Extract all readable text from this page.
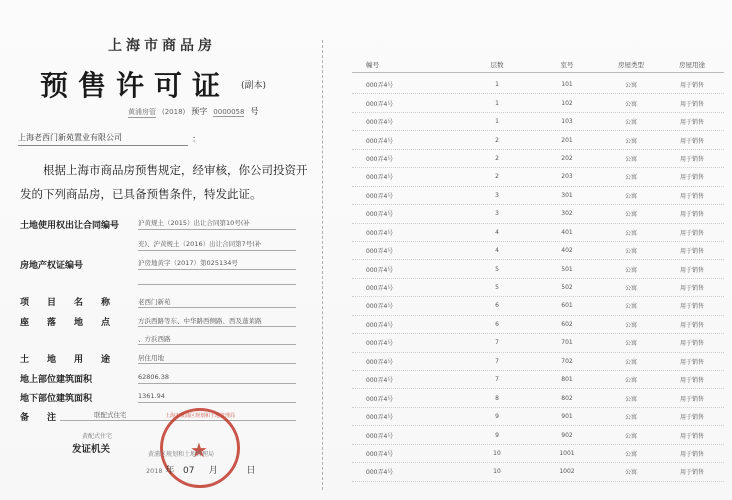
上海市商品房
预售许可证 (副本)
黄浦房管 (2018) 预字 0000058 号
上海老西门新苑置业有限公司	：

根据上海市商品房预售规定，经审核，你公司投资开发的下列商品房，已具备预售条件，特发此证。

土地使用权出让合同编号	沪黄规土（2015）出让合同第10号(补
充)、沪黄规土（2016）出让合同第7号(补
房地产权证编号	沪房地黄字（2017）第025134号
项　　目　　名　　称	老西门新苑
座　　落　　地　　点	方浜西路等东、中华路西侧路、西及蓬莱路
、方浜西路
土　　地　　用　　途	居住用地
地上部位建筑面积	62806.38
地下部位建筑面积	1361.94
备　　注	联配式住宅
★
上海市黄浦区规划和土地管理局
黄配式住宅
发证机关	黄浦区规划和土地管理局
2018 年 07 月	日
幢号	层数	室号	房屋类型	房屋用途
000弄4号	1	101	公寓	用于销售
000弄4号	1	102	公寓	用于销售
000弄4号	1	103	公寓	用于销售
000弄4号	2	201	公寓	用于销售
000弄4号	2	202	公寓	用于销售
000弄4号	2	203	公寓	用于销售
000弄4号	3	301	公寓	用于销售
000弄4号	3	302	公寓	用于销售
000弄4号	4	401	公寓	用于销售
000弄4号	4	402	公寓	用于销售
000弄4号	5	501	公寓	用于销售
000弄4号	5	502	公寓	用于销售
000弄4号	6	601	公寓	用于销售
000弄4号	6	602	公寓	用于销售
000弄4号	7	701	公寓	用于销售
000弄4号	7	702	公寓	用于销售
000弄4号	7	801	公寓	用于销售
000弄4号	8	802	公寓	用于销售
000弄4号	9	901	公寓	用于销售
000弄4号	9	902	公寓	用于销售
000弄4号	10	1001	公寓	用于销售
000弄4号	10	1002	公寓	用于销售
